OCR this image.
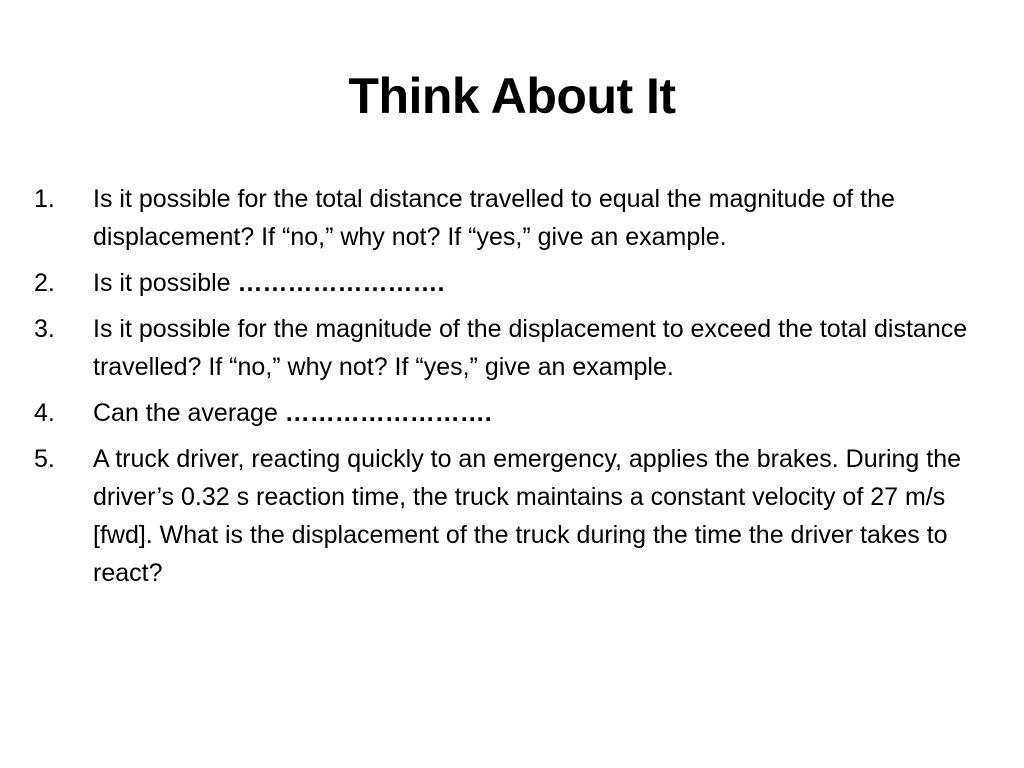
Think About It
1. Is it possible for the total distance travelled to equal the magnitude of the displacement? If “no,” why not? If “yes,” give an example.
2. Is it possible …………………….
3. Is it possible for the magnitude of the displacement to exceed the total distance travelled? If “no,” why not? If “yes,” give an example.
4. Can the average …………………….
5. A truck driver, reacting quickly to an emergency, applies the brakes. During the driver’s 0.32 s reaction time, the truck maintains a constant velocity of 27 m/s [fwd]. What is the displacement of the truck during the time the driver takes to react?
